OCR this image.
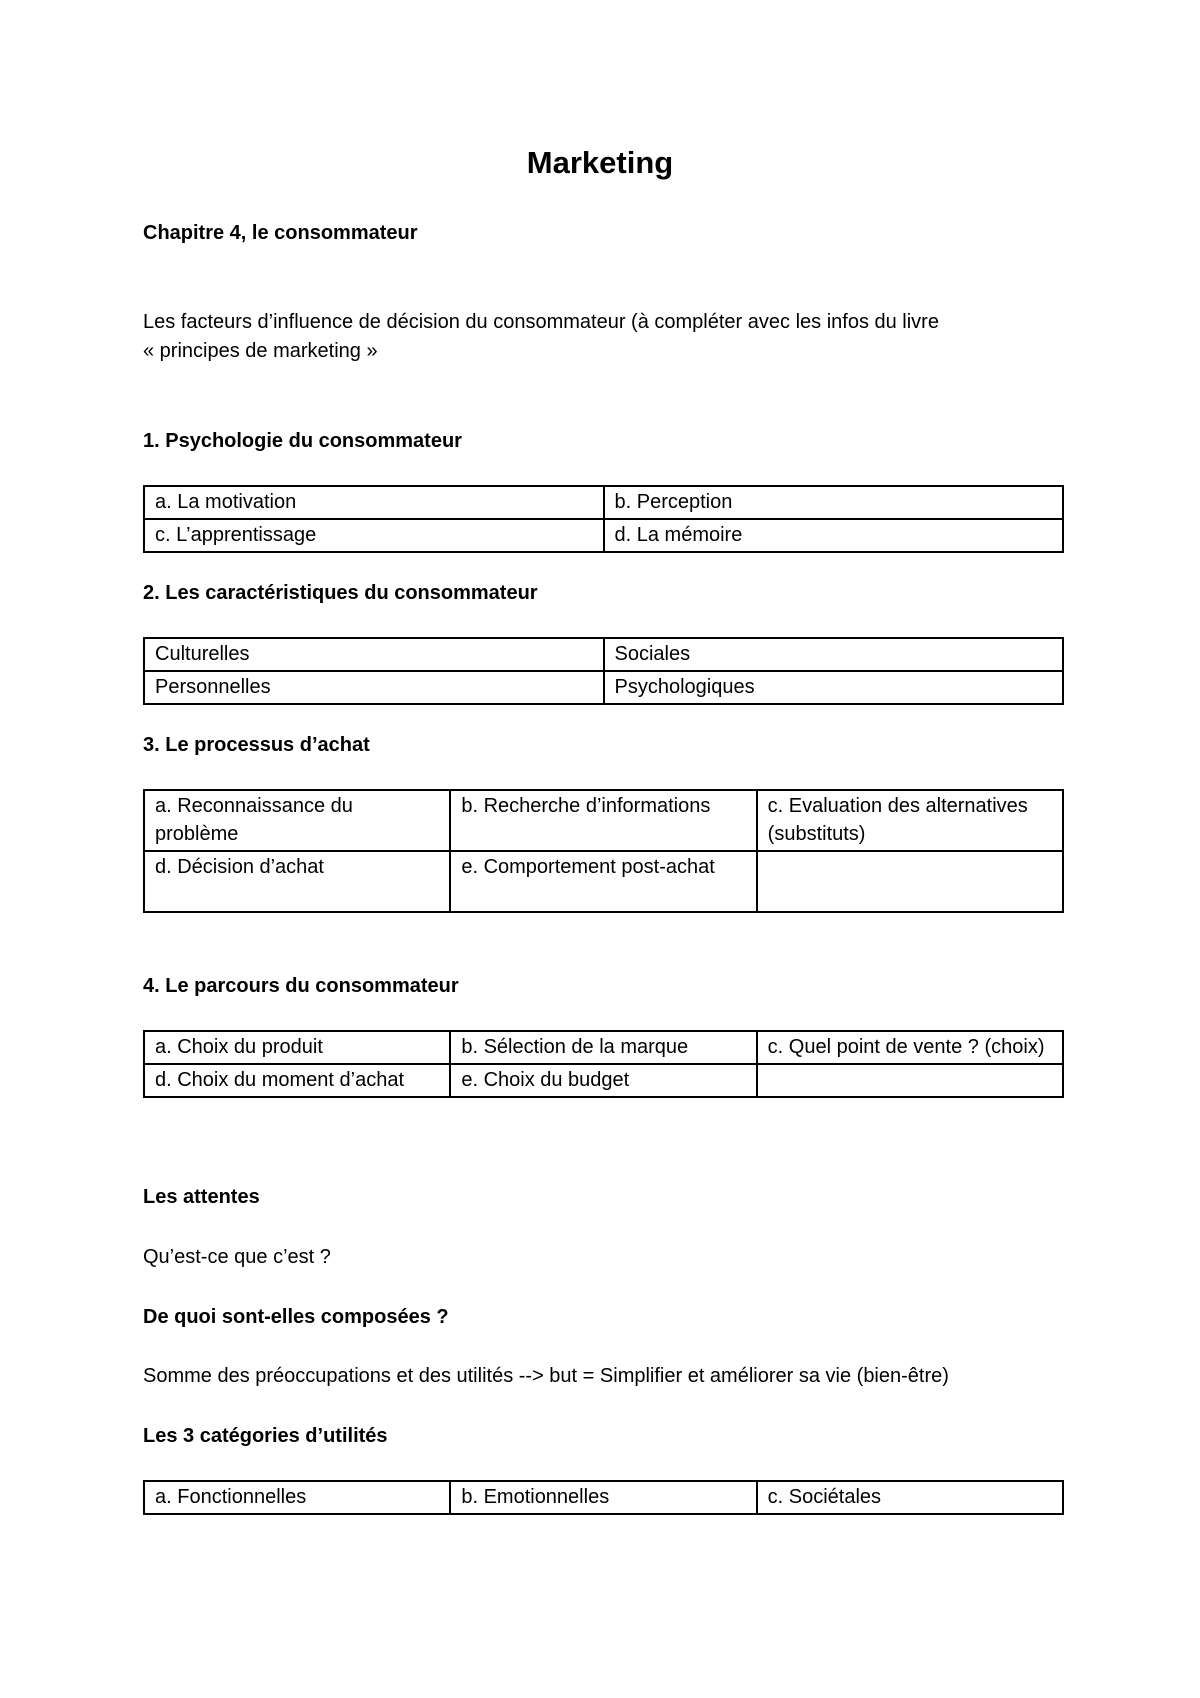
Marketing
Chapitre 4, le consommateur
Les facteurs d’influence de décision du consommateur (à compléter avec les infos du livre
« principes de marketing »
1. Psychologie du consommateur
a. La motivation	b. Perception
c. L’apprentissage	d. La mémoire
2. Les caractéristiques du consommateur
Culturelles	Sociales
Personnelles	Psychologiques
3. Le processus d’achat
a. Reconnaissance du problème	b. Recherche d’informations	c. Evaluation des alternatives (substituts)
d. Décision d’achat	e. Comportement post-achat	
4. Le parcours du consommateur
a. Choix du produit	b. Sélection de la marque	c. Quel point de vente ? (choix)
d. Choix du moment d’achat	e. Choix du budget	
Les attentes
Qu’est-ce que c’est ?
De quoi sont-elles composées ?
Somme des préoccupations et des utilités --> but = Simplifier et améliorer sa vie (bien-être)
Les 3 catégories d’utilités
a. Fonctionnelles	b. Emotionnelles	c. Sociétales
